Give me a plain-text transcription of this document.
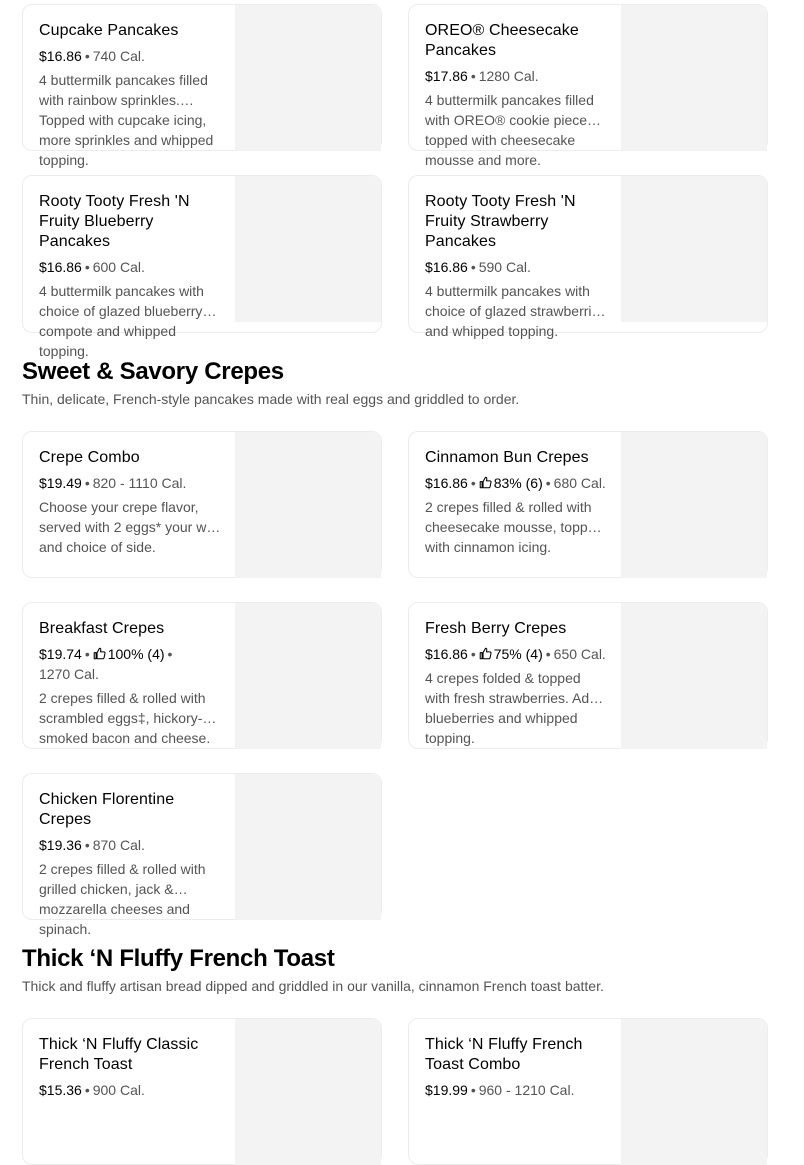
Cupcake Pancakes
$16.86 • 740 Cal.
4 buttermilk pancakes filled with rainbow sprinkles. Topped with cupcake icing, more sprinkles and whipped topping.
OREO® Cheesecake Pancakes
$17.86 • 1280 Cal.
4 buttermilk pancakes filled with OREO® cookie pieces, topped with cheesecake mousse and more.
Rooty Tooty Fresh 'N Fruity Blueberry Pancakes
$16.86 • 600 Cal.
4 buttermilk pancakes with choice of glazed blueberry compote and whipped topping.
Rooty Tooty Fresh 'N Fruity Strawberry Pancakes
$16.86 • 590 Cal.
4 buttermilk pancakes with choice of glazed strawberries and whipped topping.
Sweet & Savory Crepes
Thin, delicate, French-style pancakes made with real eggs and griddled to order.
Crepe Combo
$19.49 • 820 - 1110 Cal.
Choose your crepe flavor, served with 2 eggs* your way and choice of side.
Cinnamon Bun Crepes
$16.86 • 83% (6) • 680 Cal.
2 crepes filled & rolled with cheesecake mousse, topped with cinnamon icing.
Breakfast Crepes
$19.74 • 100% (4) •
1270 Cal.
2 crepes filled & rolled with scrambled eggs‡, hickory-smoked bacon and cheese.
Fresh Berry Crepes
$16.86 • 75% (4) • 650 Cal.
4 crepes folded & topped with fresh strawberries. Add blueberries and whipped topping.
Chicken Florentine Crepes
$19.36 • 870 Cal.
2 crepes filled & rolled with grilled chicken, jack & mozzarella cheeses and spinach.
Thick ‘N Fluffy French Toast
Thick and fluffy artisan bread dipped and griddled in our vanilla, cinnamon French toast batter.
Thick ‘N Fluffy Classic French Toast
$15.36 • 900 Cal.
Thick ‘N Fluffy French Toast Combo
$19.99 • 960 - 1210 Cal.
